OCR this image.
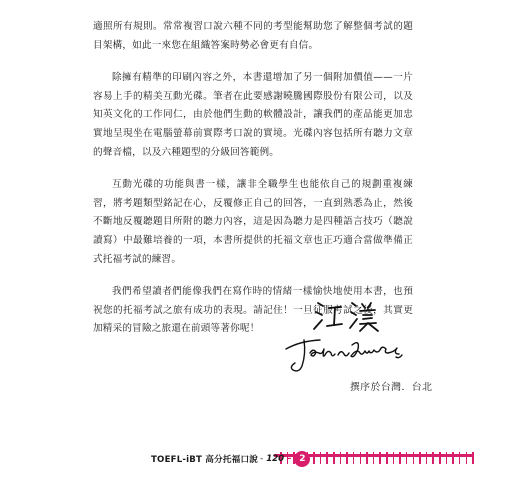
適照所有規則。常常複習口說六種不同的考型能幫助您了解整個考試的題目架構，如此一來您在組織答案時勢必會更有自信。

除擁有精準的印刷內容之外，本書還增加了另一個附加價值——一片容易上手的精美互動光碟。筆者在此要感謝曉騰國際股份有限公司，以及知英文化的工作同仁，由於他們生動的軟體設計，讓我們的產品能更加忠實地呈現坐在電腦螢幕前實際考口說的實境。光碟內容包括所有聽力文章的聲音檔，以及六種題型的分級回答範例。

互動光碟的功能與書一樣，讓非全職學生也能依自己的規劃重複練習，將考題類型銘記在心，反覆修正自己的回答，一直到熟悉為止，然後不斷地反覆聽題目所附的聽力內容，這是因為聽力是四種語言技巧（聽說讀寫）中最難培養的一項，本書所提供的托福文章也正巧適合當做準備正式托福考試的練習。

我們希望讀者們能像我們在寫作時的情緒一樣愉快地使用本書，也預祝您的托福考試之旅有成功的表現。請記住！一旦征服考試之後，其實更加精采的冒險之旅還在前頭等著你呢！

撰序於台灣．台北
TOEFL-iBT 高分托福口說 - 120 – 2
